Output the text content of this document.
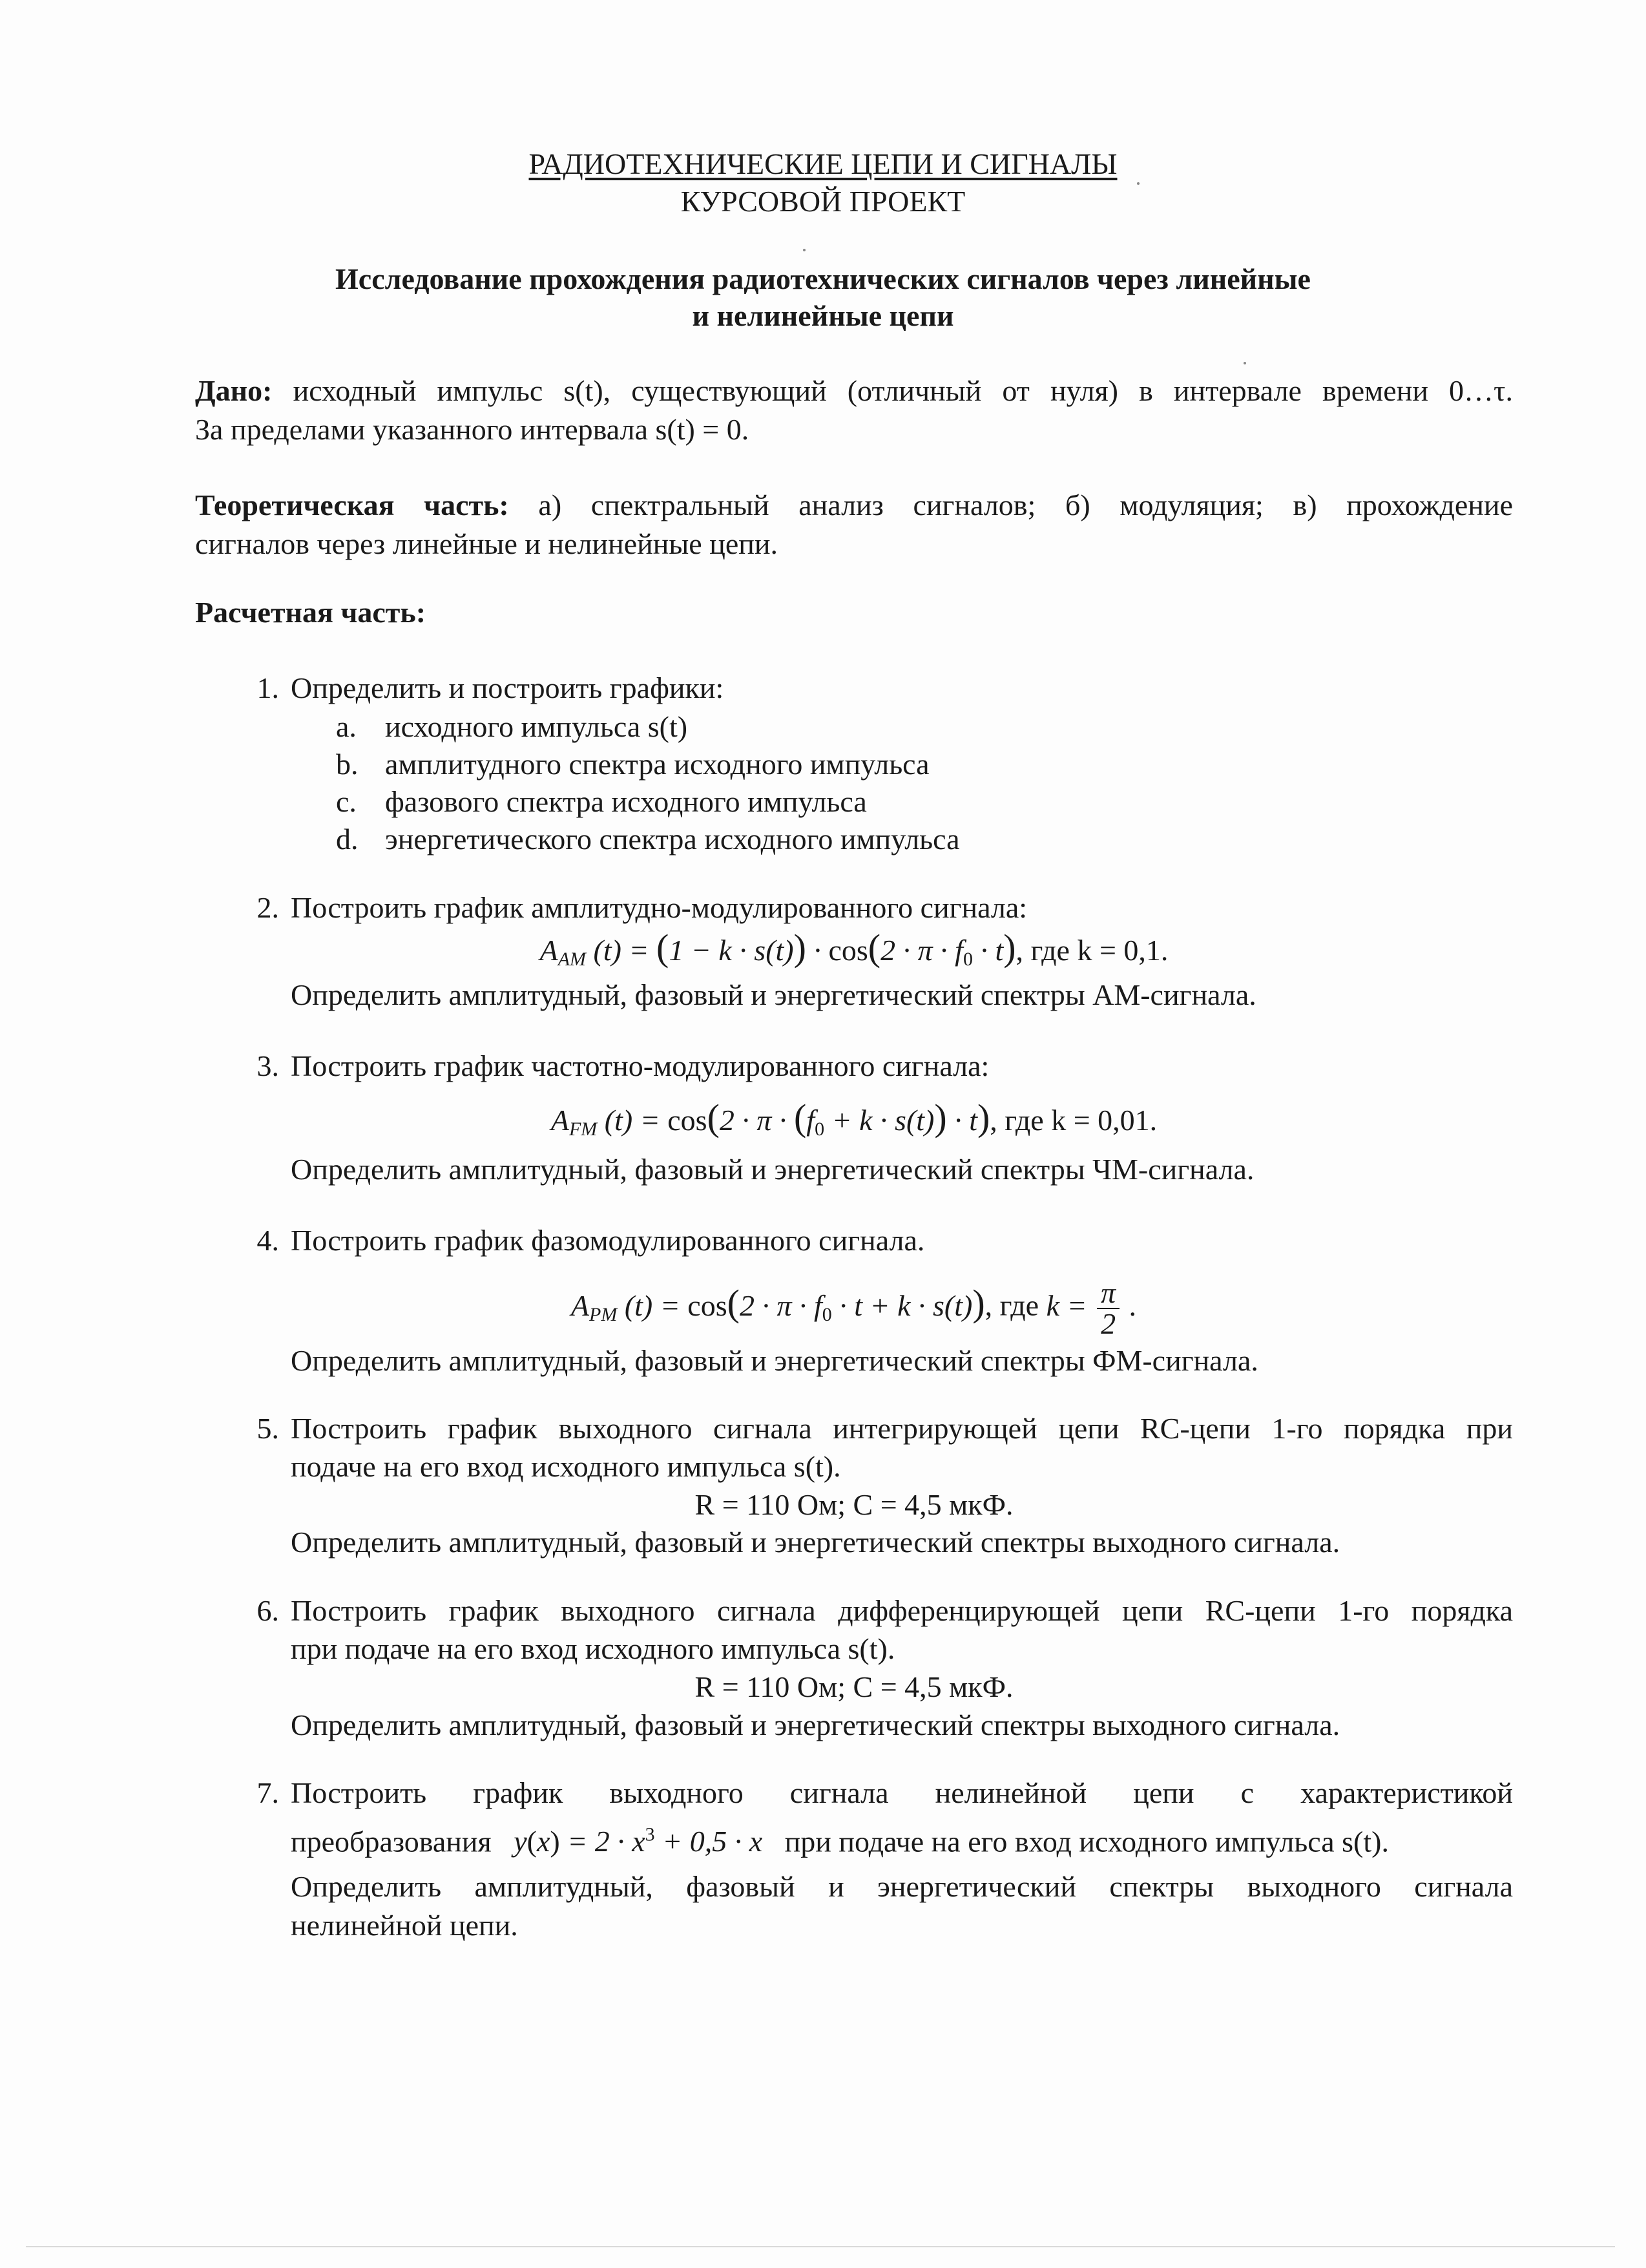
РАДИОТЕХНИЧЕСКИЕ ЦЕПИ И СИГНАЛЫ
КУРСОВОЙ ПРОЕКТ
Исследование прохождения радиотехнических сигналов через линейные
и нелинейные цепи
Дано: исходный импульс s(t), существующий (отличный от нуля) в интервале времени 0…τ.
За пределами указанного интервала s(t) = 0.
Теоретическая часть: а) спектральный анализ сигналов; б) модуляция; в) прохождение
сигналов через линейные и нелинейные цепи.
Расчетная часть:
1. Определить и построить графики:
a. исходного импульса s(t)
b. амплитудного спектра исходного импульса
c. фазового спектра исходного импульса
d. энергетического спектра исходного импульса
2. Построить график амплитудно-модулированного сигнала:
AAM (t) = (1 − k · s(t)) · cos(2 · π · f0 · t), где k = 0,1.
Определить амплитудный, фазовый и энергетический спектры АМ-сигнала.
3. Построить график частотно-модулированного сигнала:
AFM (t) = cos(2 · π · (f0 + k · s(t)) · t), где k = 0,01.
Определить амплитудный, фазовый и энергетический спектры ЧМ-сигнала.
4. Построить график фазомодулированного сигнала.
APM (t) = cos(2 · π · f0 · t + k · s(t)), где $k = \frac{\pi}{2}$ .
Определить амплитудный, фазовый и энергетический спектры ФМ-сигнала.
5. Построить график выходного сигнала интегрирующей цепи RC-цепи 1-го порядка при
подаче на его вход исходного импульса s(t).
R = 110 Ом; C = 4,5 мкФ.
Определить амплитудный, фазовый и энергетический спектры выходного сигнала.
6. Построить график выходного сигнала дифференцирующей цепи RC-цепи 1-го порядка
при подаче на его вход исходного импульса s(t).
R = 110 Ом; C = 4,5 мкФ.
Определить амплитудный, фазовый и энергетический спектры выходного сигнала.
7. Построить график выходного сигнала нелинейной цепи с характеристикой
преобразования   $y(x) = 2 \cdot x^3 + 0,5 \cdot x$   при подаче на его вход исходного импульса s(t).
Определить амплитудный, фазовый и энергетический спектры выходного сигнала
нелинейной цепи.
